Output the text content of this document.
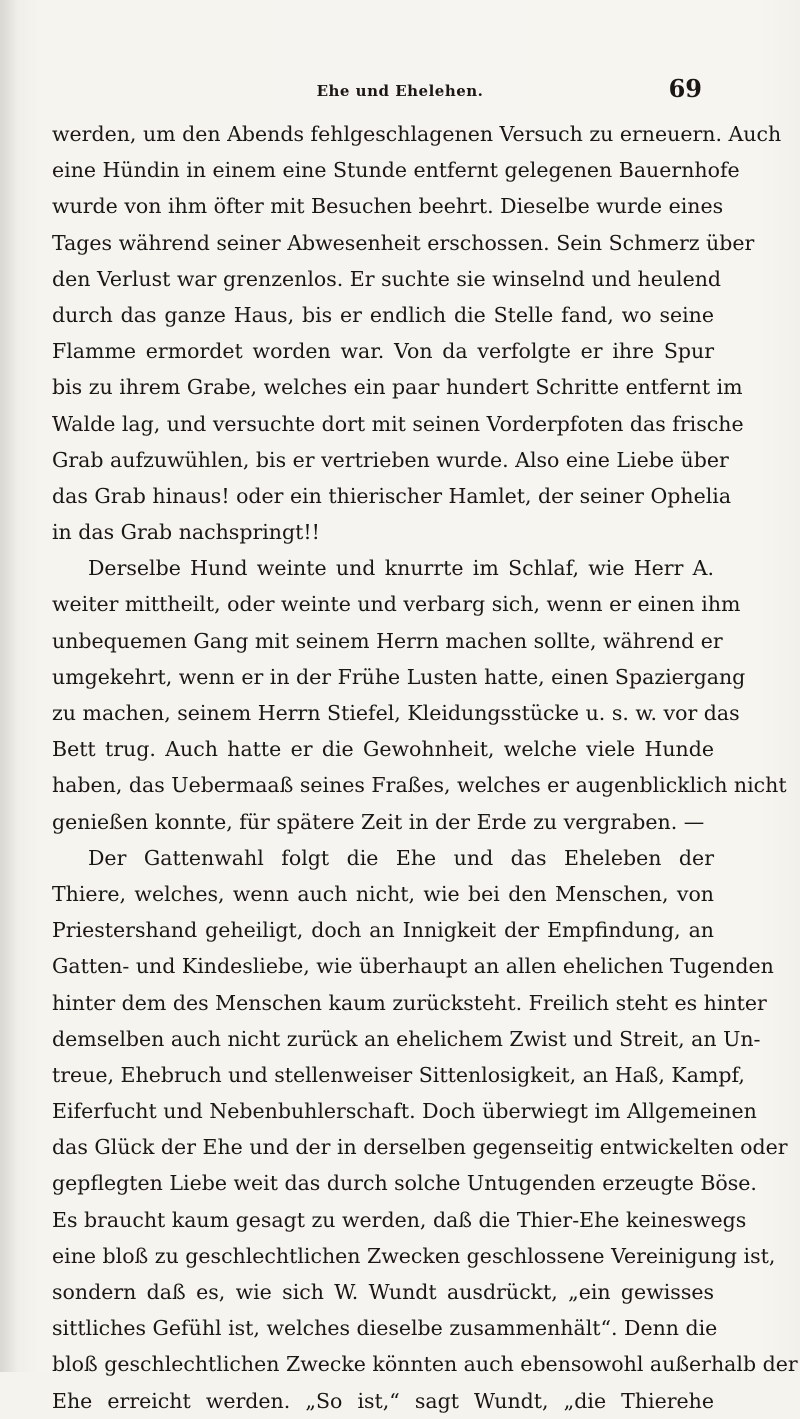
Ehe und Ehelehen.	69
werden, um den Abends fehlgeschlagenen Versuch zu erneuern. Auch
eine Hündin in einem eine Stunde entfernt gelegenen Bauernhofe
wurde von ihm öfter mit Besuchen beehrt. Dieselbe wurde eines
Tages während seiner Abwesenheit erschossen. Sein Schmerz über
den Verlust war grenzenlos. Er suchte sie winselnd und heulend
durch das ganze Haus, bis er endlich die Stelle fand, wo seine
Flamme ermordet worden war. Von da verfolgte er ihre Spur
bis zu ihrem Grabe, welches ein paar hundert Schritte entfernt im
Walde lag, und versuchte dort mit seinen Vorderpfoten das frische
Grab aufzuwühlen, bis er vertrieben wurde. Also eine Liebe über
das Grab hinaus! oder ein thierischer Hamlet, der seiner Ophelia
in das Grab nachspringt!!
Derselbe Hund weinte und knurrte im Schlaf, wie Herr A.
weiter mittheilt, oder weinte und verbarg sich, wenn er einen ihm
unbequemen Gang mit seinem Herrn machen sollte, während er
umgekehrt, wenn er in der Frühe Lusten hatte, einen Spaziergang
zu machen, seinem Herrn Stiefel, Kleidungsstücke u. s. w. vor das
Bett trug. Auch hatte er die Gewohnheit, welche viele Hunde
haben, das Uebermaaß seines Fraßes, welches er augenblicklich nicht
genießen konnte, für spätere Zeit in der Erde zu vergraben. —
Der Gattenwahl folgt die Ehe und das Eheleben der
Thiere, welches, wenn auch nicht, wie bei den Menschen, von
Priestershand geheiligt, doch an Innigkeit der Empfindung, an
Gatten- und Kindesliebe, wie überhaupt an allen ehelichen Tugenden
hinter dem des Menschen kaum zurücksteht. Freilich steht es hinter
demselben auch nicht zurück an ehelichem Zwist und Streit, an Un-
treue, Ehebruch und stellenweiser Sittenlosigkeit, an Haß, Kampf,
Eiferfucht und Nebenbuhlerschaft. Doch überwiegt im Allgemeinen
das Glück der Ehe und der in derselben gegenseitig entwickelten oder
gepflegten Liebe weit das durch solche Untugenden erzeugte Böse.
Es braucht kaum gesagt zu werden, daß die Thier-Ehe keineswegs
eine bloß zu geschlechtlichen Zwecken geschlossene Vereinigung ist,
sondern daß es, wie sich W. Wundt ausdrückt, „ein gewisses
sittliches Gefühl ist, welches dieselbe zusammenhält“. Denn die
bloß geschlechtlichen Zwecke könnten auch ebensowohl außerhalb der
Ehe erreicht werden. „So ist,“ sagt Wundt, „die Thierehe
